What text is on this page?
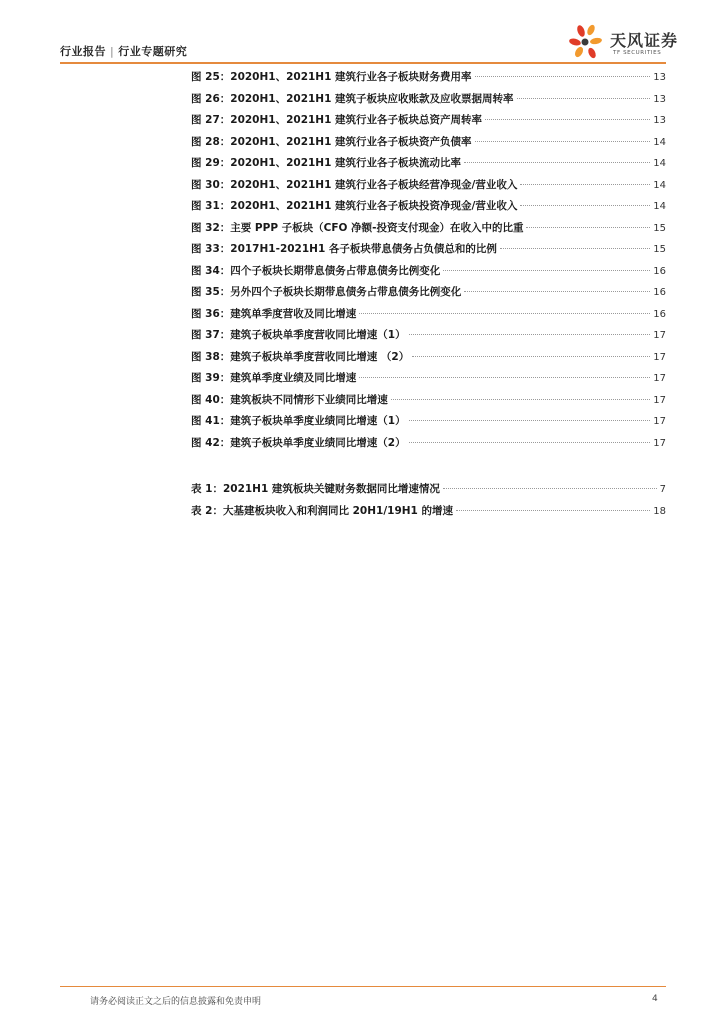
行业报告 | 行业专题研究
天风证券
TF SECURITIES
图 25：2020H1、2021H1 建筑行业各子板块财务费用率	13
图 26：2020H1、2021H1 建筑子板块应收账款及应收票据周转率	13
图 27：2020H1、2021H1 建筑行业各子板块总资产周转率	13
图 28：2020H1、2021H1 建筑行业各子板块资产负债率	14
图 29：2020H1、2021H1 建筑行业各子板块流动比率	14
图 30：2020H1、2021H1 建筑行业各子板块经营净现金/营业收入	14
图 31：2020H1、2021H1 建筑行业各子板块投资净现金/营业收入	14
图 32：主要 PPP 子板块（CFO 净额-投资支付现金）在收入中的比重	15
图 33：2017H1-2021H1 各子板块带息债务占负债总和的比例	15
图 34：四个子板块长期带息债务占带息债务比例变化	16
图 35：另外四个子板块长期带息债务占带息债务比例变化	16
图 36：建筑单季度营收及同比增速	16
图 37：建筑子板块单季度营收同比增速（1）	17
图 38：建筑子板块单季度营收同比增速 （2）	17
图 39：建筑单季度业绩及同比增速	17
图 40：建筑板块不同情形下业绩同比增速	17
图 41：建筑子板块单季度业绩同比增速（1）	17
图 42：建筑子板块单季度业绩同比增速（2）	17
表 1：2021H1 建筑板块关键财务数据同比增速情况	7
表 2：大基建板块收入和利润同比 20H1/19H1 的增速	18
请务必阅读正文之后的信息披露和免责申明	4
